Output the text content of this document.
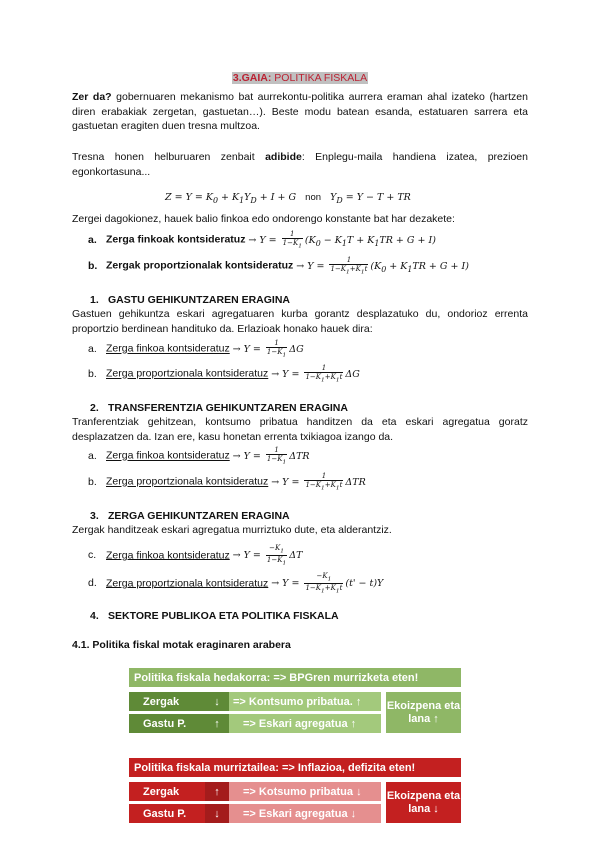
3.GAIA: POLITIKA FISKALA
Zer da? gobernuaren mekanismo bat aurrekontu-politika aurrera eraman ahal izateko (hartzen diren erabakiak zergetan, gastuetan…). Beste modu batean esanda, estatuaren sarrera eta gastuetan eragiten duen tresna multzoa.
Tresna honen helburuaren zenbait adibide: Enplegu-maila handiena izatea, prezioen egonkortasuna...
$Z = Y = K_0 + K_1Y_D + I + G$   non   $Y_D = Y - T$ + TR
Zergei dagokionez, hauek balio finkoa edo ondorengo konstante bat har dezakete:
a. Zerga finkoak kontsideratuz → $Y = \frac{1}{1-K_1} (K_0 - K_1T + K_1TR + G + I)$
b. Zergak proportzionalak kontsideratuz → $Y = \frac{1}{1-K_1+K_1t} (K_0 + K_1TR + G + I)$
1. GASTU GEHIKUNTZAREN ERAGINA
Gastuen gehikuntza eskari agregatuaren kurba gorantz desplazatuko du, ondorioz errenta proportzio berdinean handituko da. Erlazioak honako hauek dira:
a. Zerga finkoa kontsideratuz → $Y = \frac{1}{1-K_1}$ ΔG
b. Zerga proportzionala kontsideratuz → $Y = \frac{1}{1-K_1+K_1t}$ ΔG
2. TRANSFERENTZIA GEHIKUNTZAREN ERAGINA
Tranferentziak gehitzean, kontsumo pribatua handitzen da eta eskari agregatua goratz desplazatzen da. Izan ere, kasu honetan errenta txikiagoa izango da.
a. Zerga finkoa kontsideratuz → $Y = \frac{1}{1-K_1}$ ΔTR
b. Zerga proportzionala kontsideratuz → $Y = \frac{1}{1-K_1+K_1t}$ ΔTR
3. ZERGA GEHIKUNTZAREN ERAGINA
Zergak handitzeak eskari agregatua murriztuko dute, eta alderantziz.
c. Zerga finkoa kontsideratuz → $Y = \frac{-K_1}{1-K_1}$ ΔT
d. Zerga proportzionala kontsideratuz → $Y = \frac{-K_1}{1-K_1+K_1t} (t' - t)Y$
4. SEKTORE PUBLIKOA ETA POLITIKA FISKALA
4.1. Politika fiskal motak eraginaren arabera
Politika fiskala hedakorra: => BPGren murrizketa eten!
Zergak	↓	=> Kontsumo pribatua. ↑
Gastu P.	↑	=> Eskari agregatua ↑
Ekoizpena eta lana ↑
Politika fiskala murriztailea: => Inflazioa, defizita eten!
Zergak	↑	=> Kotsumo pribatua ↓
Gastu P.	↓	=> Eskari agregatua ↓
Ekoizpena eta lana ↓
